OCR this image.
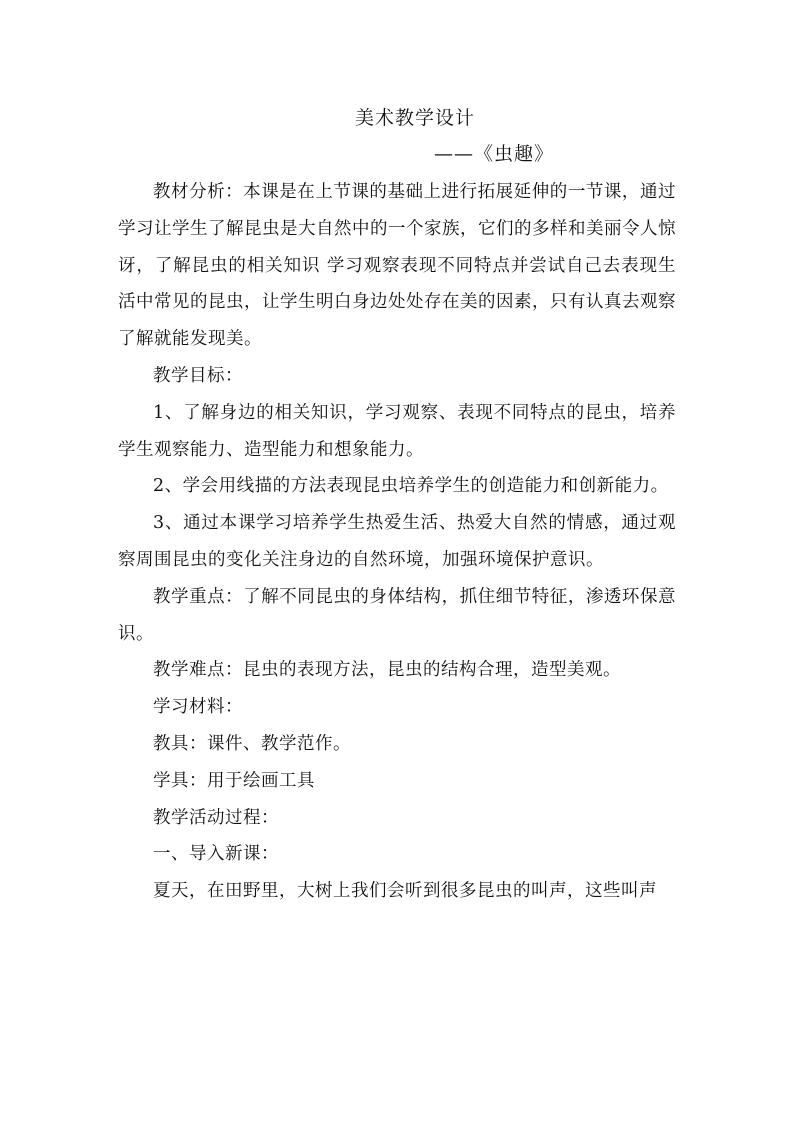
美术教学设计
——《虫趣》

教材分析：本课是在上节课的基础上进行拓展延伸的一节课，通过学习让学生了解昆虫是大自然中的一个家族，它们的多样和美丽令人惊讶，了解昆虫的相关知识 学习观察表现不同特点并尝试自己去表现生活中常见的昆虫，让学生明白身边处处存在美的因素，只有认真去观察了解就能发现美。

教学目标：

1、了解身边的相关知识，学习观察、表现不同特点的昆虫，培养学生观察能力、造型能力和想象能力。

2、学会用线描的方法表现昆虫培养学生的创造能力和创新能力。

3、通过本课学习培养学生热爱生活、热爱大自然的情感，通过观察周围昆虫的变化关注身边的自然环境，加强环境保护意识。

教学重点：了解不同昆虫的身体结构，抓住细节特征，渗透环保意识。

教学难点：昆虫的表现方法，昆虫的结构合理，造型美观。

学习材料：

教具：课件、教学范作。

学具：用于绘画工具

教学活动过程：

一、导入新课：

夏天，在田野里，大树上我们会听到很多昆虫的叫声，这些叫声
